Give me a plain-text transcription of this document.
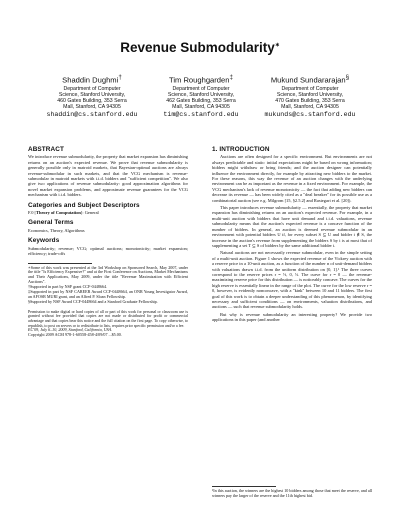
Revenue Submodularity∗
Shaddin Dughmi†
Department of Computer
Science, Stanford University,
460 Gates Building, 353 Serra
Mall, Stanford, CA 94305
shaddin@cs.stanford.edu
Tim Roughgarden‡
Department of Computer
Science, Stanford University,
462 Gates Building, 353 Serra
Mall, Stanford, CA 94305
tim@cs.stanford.edu
Mukund Sundararajan§
Department of Computer
Science, Stanford University,
470 Gates Building, 353 Serra
Mall, Stanford, CA 94305
mukunds@cs.stanford.edu
ABSTRACT

We introduce revenue submodularity, the property that market expansion has diminishing returns on an auction's expected revenue. We prove that revenue submodularity is generally possible only in matroid markets, that Bayesian-optimal auctions are always revenue-submodular in such markets, and that the VCG mechanism is revenue-submodular in matroid markets with i.i.d. bidders and "sufficient competition". We also give two applications of revenue submodularity: good approximation algorithms for novel market expansion problems, and approximate revenue guarantees for the VCG mechanism with i.i.d. bidders.

Categories and Subject Descriptors

F.0 [Theory of Computation]: General

General Terms

Economics, Theory, Algorithms

Keywords

Submodularity; revenue; VCG; optimal auctions; monotonicity; market expansion; efficiency; trade-offs

∗Some of this work was presented at the 3rd Workshop on Sponsored Search, May 2007, under the title "Is Efficiency Expensive?" and at the First Conference on Auctions, Market Mechanisms and Their Applications, May 2009, under the title "Revenue Maximization with Efficient Auctions".

†Supported in part by NSF grant CCF-0448664.

‡Supported in part by NSF CAREER Award CCF-0448664, an ONR Young Investigator Award, an AFOSR MURI grant, and an Alfred P. Sloan Fellowship.

§Supported by NSF Award CCF-0448664 and a Stanford Graduate Fellowship.

Permission to make digital or hard copies of all or part of this work for personal or classroom use is granted without fee provided that copies are not made or distributed for profit or commercial advantage and that copies bear this notice and the full citation on the first page. To copy otherwise, to republish, to post on servers or to redistribute to lists, requires prior specific permission and/or a fee.

EC'09, July 6–10, 2009, Stanford, California, USA.

Copyright 2009 ACM 978-1-60558-458-4/09/07 ...$5.00.

1. INTRODUCTION

Auctions are often designed for a specific environment. But environments are not always predictable and static: initial expectations might be based on wrong information; bidders might withdraw or bring friends; and the auction designer can potentially influence the environment directly, for example by attracting new bidders to the market. For these reasons, this way the revenue of an auction changes with the underlying environment can be as important as the revenue in a fixed environment. For example, the VCG mechanism's lack of revenue monotonicity — the fact that adding new bidders can decrease its revenue — has been widely cited as a "deal breaker" for its possible use as a combinatorial auction (see e.g. Milgrom [15, §2.5.2] and Rastegari et al. [20]).

This paper introduces revenue submodularity — essentially, the property that market expansion has diminishing returns on an auction's expected revenue. For example, in a multi-unit auction with bidders that have unit demand and i.i.d. valuations, revenue submodularity means that the auction's expected revenue is a concave function of the number of bidders. In general, an auction is deemed revenue submodular in an environment with potential bidders U if, for every subset S ⊆ U and bidder i ∉ S, the increase in the auction's revenue from supplementing the bidders S by i is at most that of supplementing a set T ⊆ S of bidders by the same additional bidder i.

Natural auctions are not necessarily revenue submodular, even in the simple setting of a multi-unit auction. Figure 1 shows the expected revenue of the Vickrey auction with a reserve price in a 10-unit auction, as a function of the number n of unit-demand bidders with valuations drawn i.i.d. from the uniform distribution on [0, 1].¹ The three curves correspond to the reserve prices r = ½, 0, ⅓. The curve for r = 0 — the revenue-maximizing reserve price for this distribution — is noticeably concave. The curves for the high reserve is essentially linear in the range of the plot. The curve for the low reserve r = 0, however, is evidently nonconcave, with a "kink" between 10 and 11 bidders. The first goal of this work is to obtain a deeper understanding of this phenomenon, by identifying necessary and sufficient conditions — on environments, valuation distributions, and auctions — such that revenue submodularity holds.

But why is revenue submodularity an interesting property? We provide two applications in this paper (and another

¹In this auction, the winners are the highest 10 bidders among those that meet the reserve, and all winners pay the larger of the reserve and the 11th highest bid.
